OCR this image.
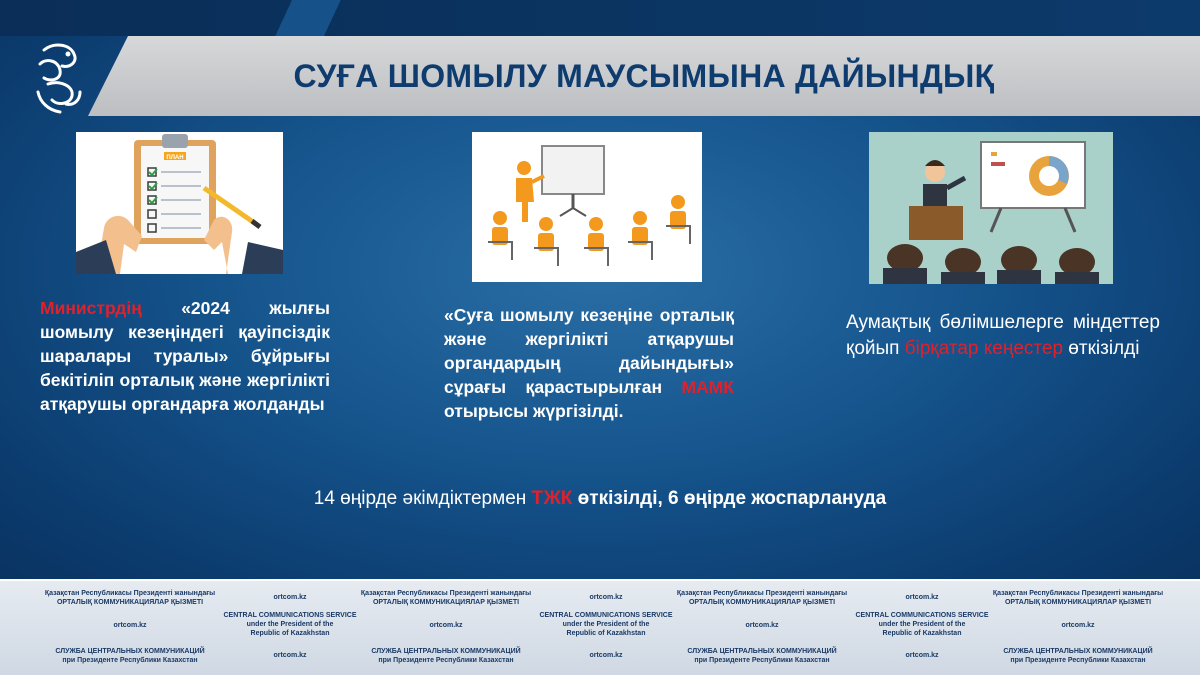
СУҒА ШОМЫЛУ МАУСЫМЫНА ДАЙЫНДЫҚ
ПЛАН
Министрдің «2024 жылғы шомылу кезеңіндегі қауіпсіздік шаралары туралы» бұйрығы бекітіліп орталық және жергілікті атқарушы органдарға жолданды
«Суға шомылу кезеңіне орталық және жергілікті атқарушы органдардың дайындығы» сұрағы қарастырылған МАМК отырысы жүргізілді.
Аумақтық бөлімшелерге міндеттер қойып бірқатар кеңестер өткізілді
14 өңірде әкімдіктермен ТЖК өткізілді, 6 өңірде жоспарлануда
Қазақстан Республикасы Президенті жанындағы
ОРТАЛЫҚ КОММУНИКАЦИЯЛАР ҚЫЗМЕТІ
ortcom.kz
Қазақстан Республикасы Президенті жанындағы
ОРТАЛЫҚ КОММУНИКАЦИЯЛАР ҚЫЗМЕТІ
ortcom.kz
Қазақстан Республикасы Президенті жанындағы
ОРТАЛЫҚ КОММУНИКАЦИЯЛАР ҚЫЗМЕТІ
ortcom.kz
Қазақстан Республикасы Президенті жанындағы
ОРТАЛЫҚ КОММУНИКАЦИЯЛАР ҚЫЗМЕТІ
ortcom.kz
CENTRAL COMMUNICATIONS SERVICE
under the President of the
Republic of Kazakhstan
ortcom.kz
CENTRAL COMMUNICATIONS SERVICE
under the President of the
Republic of Kazakhstan
ortcom.kz
CENTRAL COMMUNICATIONS SERVICE
under the President of the
Republic of Kazakhstan
ortcom.kz
СЛУЖБА ЦЕНТРАЛЬНЫХ КОММУНИКАЦИЙ
при Президенте Республики Казахстан
ortcom.kz
СЛУЖБА ЦЕНТРАЛЬНЫХ КОММУНИКАЦИЙ
при Президенте Республики Казахстан
ortcom.kz
СЛУЖБА ЦЕНТРАЛЬНЫХ КОММУНИКАЦИЙ
при Президенте Республики Казахстан
ortcom.kz
СЛУЖБА ЦЕНТРАЛЬНЫХ КОММУНИКАЦИЙ
при Президенте Республики Казахстан
